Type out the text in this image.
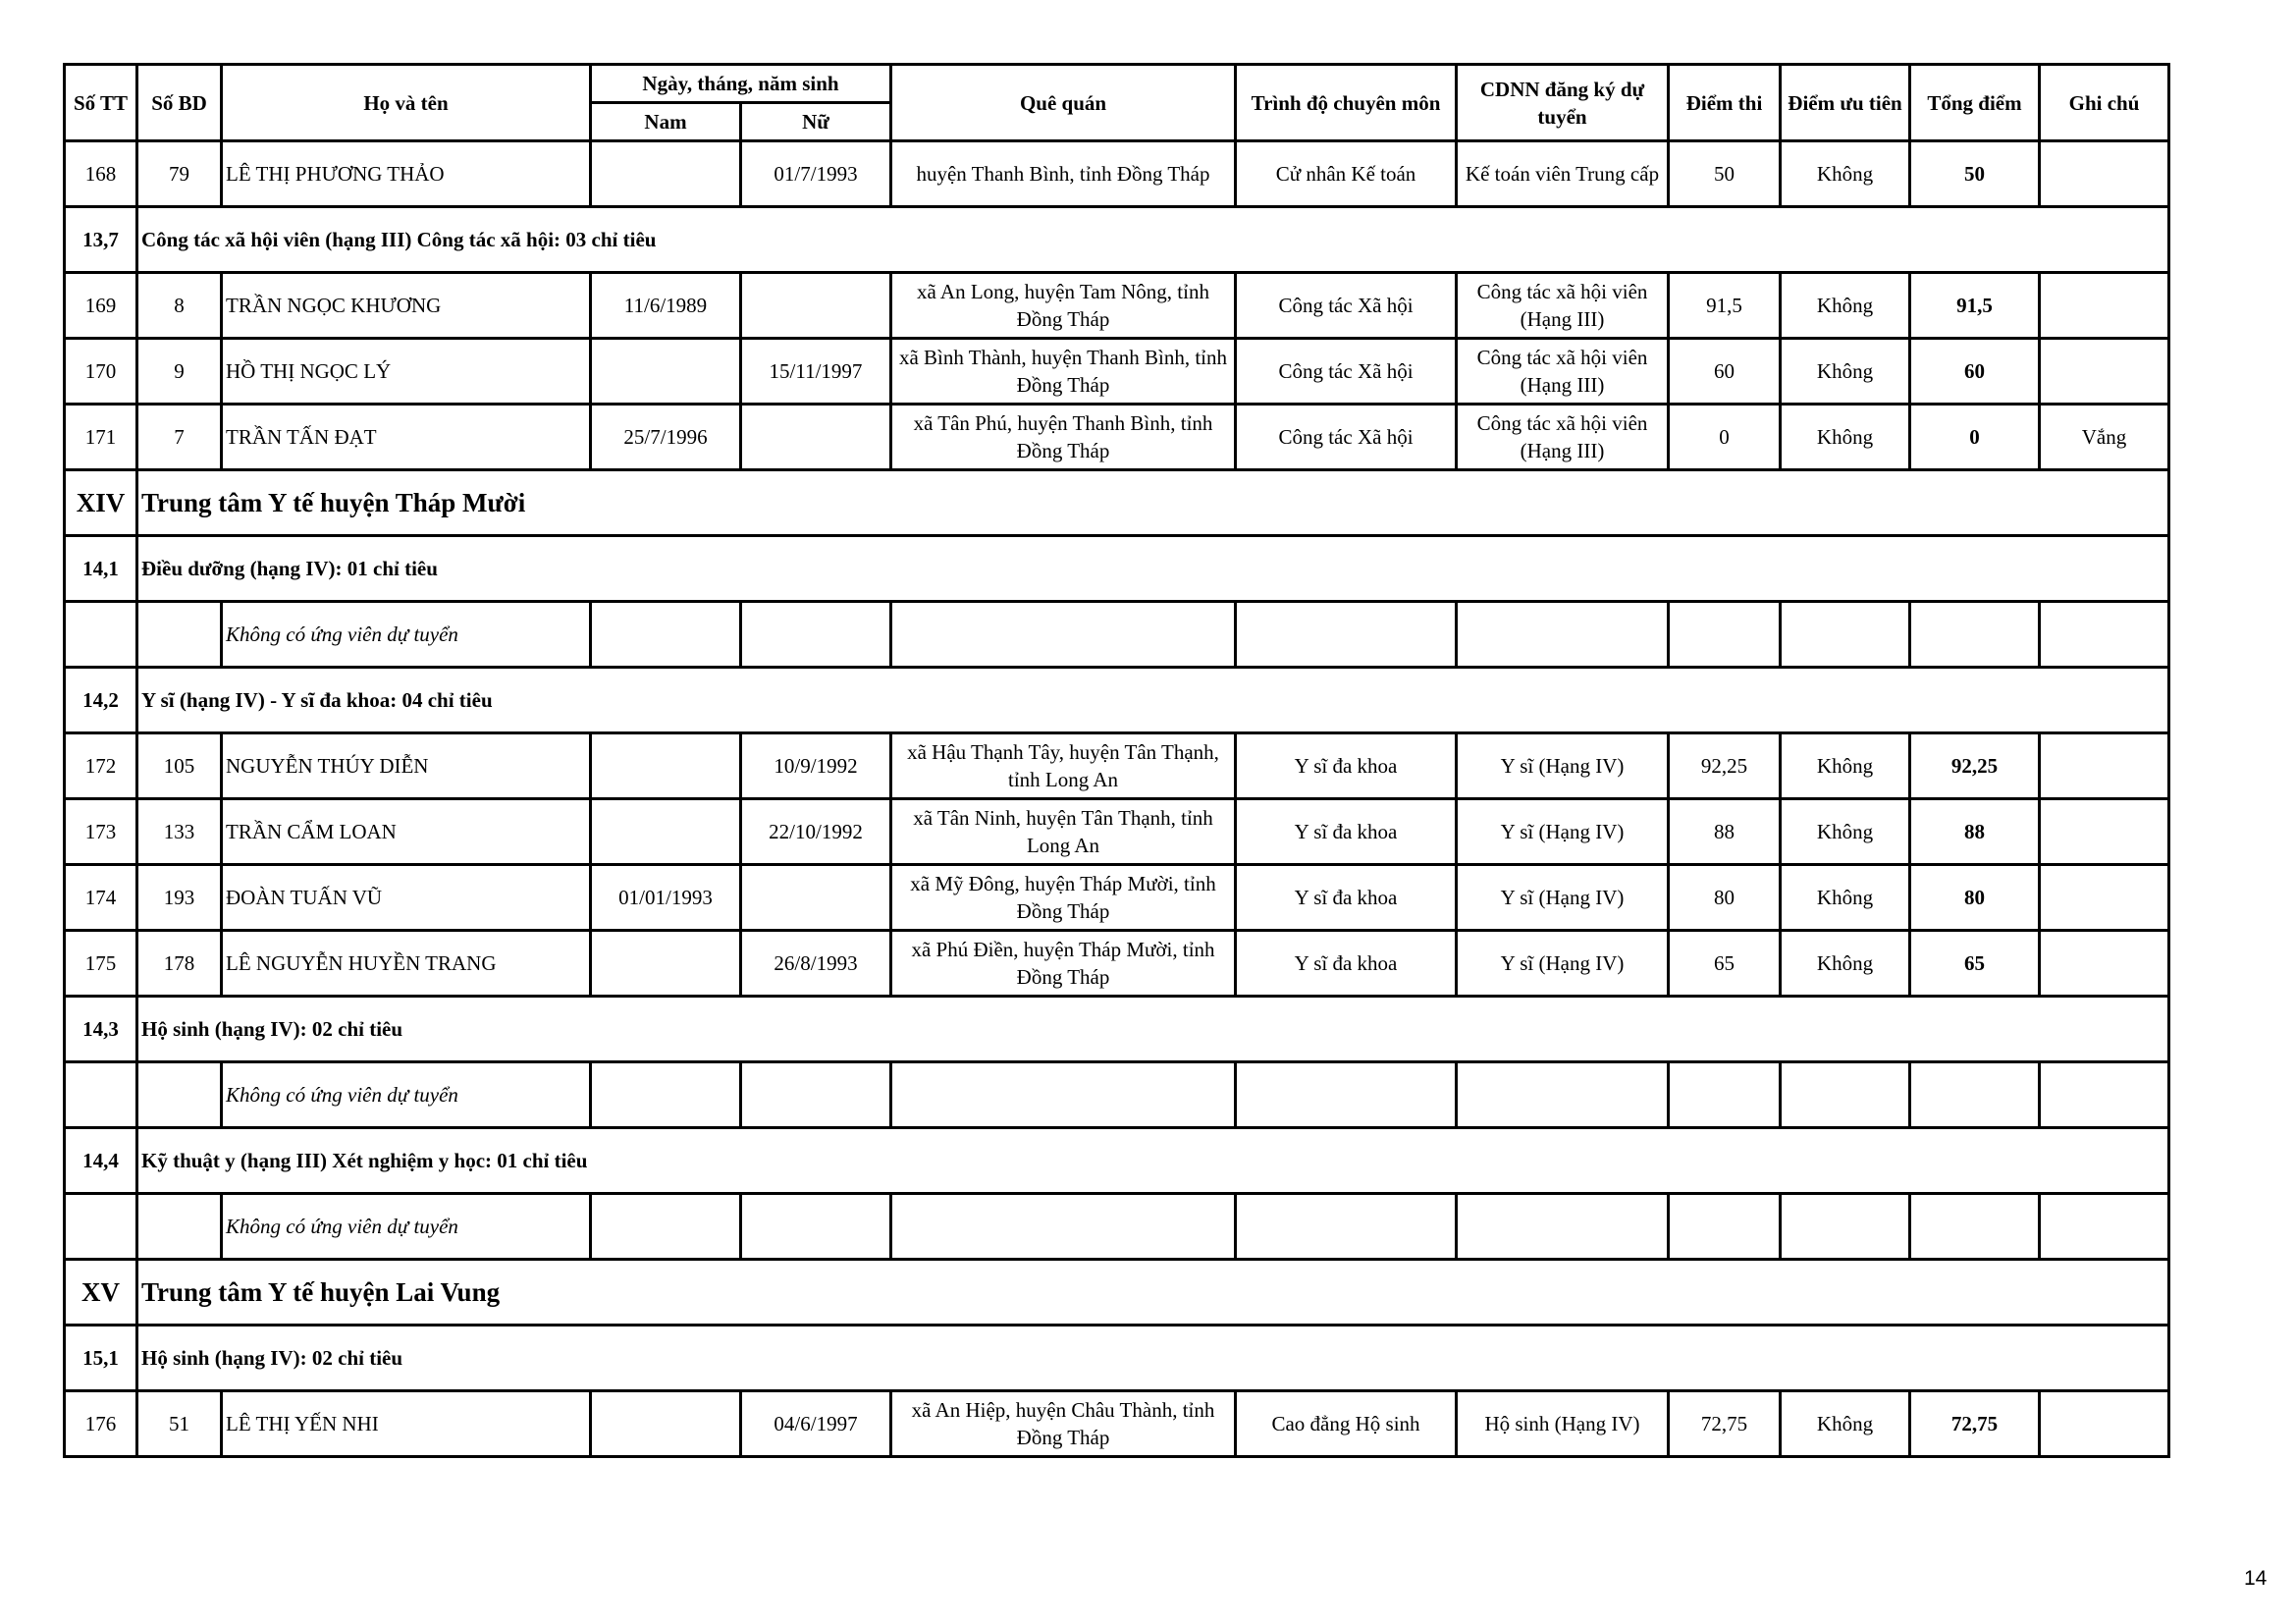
Số TT	Số BD	Họ và tên	Ngày, tháng, năm sinh		Quê quán	Trình độ chuyên môn	CDNN đăng ký dự tuyển	Điểm thi	Điểm ưu tiên	Tổng điểm	Ghi chú
			Nam	Nữ							
168	79	LÊ THỊ PHƯƠNG THẢO		01/7/1993	huyện Thanh Bình, tỉnh Đồng Tháp	Cử nhân Kế toán	Kế toán viên Trung cấp	50	Không	50	
13,7	Công tác xã hội viên (hạng III) Công tác xã hội: 03 chỉ tiêu										
169	8	TRẦN NGỌC KHƯƠNG	11/6/1989		xã An Long, huyện Tam Nông, tỉnh Đồng Tháp	Công tác Xã hội	Công tác xã hội viên (Hạng III)	91,5	Không	91,5	
170	9	HỒ THỊ NGỌC LÝ		15/11/1997	xã Bình Thành, huyện Thanh Bình, tỉnh Đồng Tháp	Công tác Xã hội	Công tác xã hội viên (Hạng III)	60	Không	60	
171	7	TRẦN TẤN ĐẠT	25/7/1996		xã Tân Phú, huyện Thanh Bình, tỉnh Đồng Tháp	Công tác Xã hội	Công tác xã hội viên (Hạng III)	0	Không	0	Vắng
XIV	Trung tâm Y tế huyện Tháp Mười										
14,1	Điều dưỡng (hạng IV): 01 chỉ tiêu										
		Không có ứng viên dự tuyển									
14,2	Y sĩ (hạng IV) - Y sĩ đa khoa: 04 chỉ tiêu										
172	105	NGUYỄN THÚY DIỄN		10/9/1992	xã Hậu Thạnh Tây, huyện Tân Thạnh, tỉnh Long An	Y sĩ đa khoa	Y sĩ (Hạng IV)	92,25	Không	92,25	
173	133	TRẦN CẨM LOAN		22/10/1992	xã Tân Ninh, huyện Tân Thạnh, tỉnh Long An	Y sĩ đa khoa	Y sĩ (Hạng IV)	88	Không	88	
174	193	ĐOÀN TUẤN VŨ	01/01/1993		xã Mỹ Đông, huyện Tháp Mười, tỉnh Đồng Tháp	Y sĩ đa khoa	Y sĩ (Hạng IV)	80	Không	80	
175	178	LÊ NGUYỄN HUYỀN TRANG		26/8/1993	xã Phú Điền, huyện Tháp Mười, tỉnh Đồng Tháp	Y sĩ đa khoa	Y sĩ (Hạng IV)	65	Không	65	
14,3	Hộ sinh (hạng IV): 02 chỉ tiêu										
		Không có ứng viên dự tuyển									
14,4	Kỹ thuật y (hạng III) Xét nghiệm y học: 01 chỉ tiêu										
		Không có ứng viên dự tuyển									
XV	Trung tâm Y tế huyện Lai Vung										
15,1	Hộ sinh (hạng IV): 02 chỉ tiêu										
176	51	LÊ THỊ YẾN NHI		04/6/1997	xã An Hiệp, huyện Châu Thành, tỉnh Đồng Tháp	Cao đẳng Hộ sinh	Hộ sinh (Hạng IV)	72,75	Không	72,75	
14
